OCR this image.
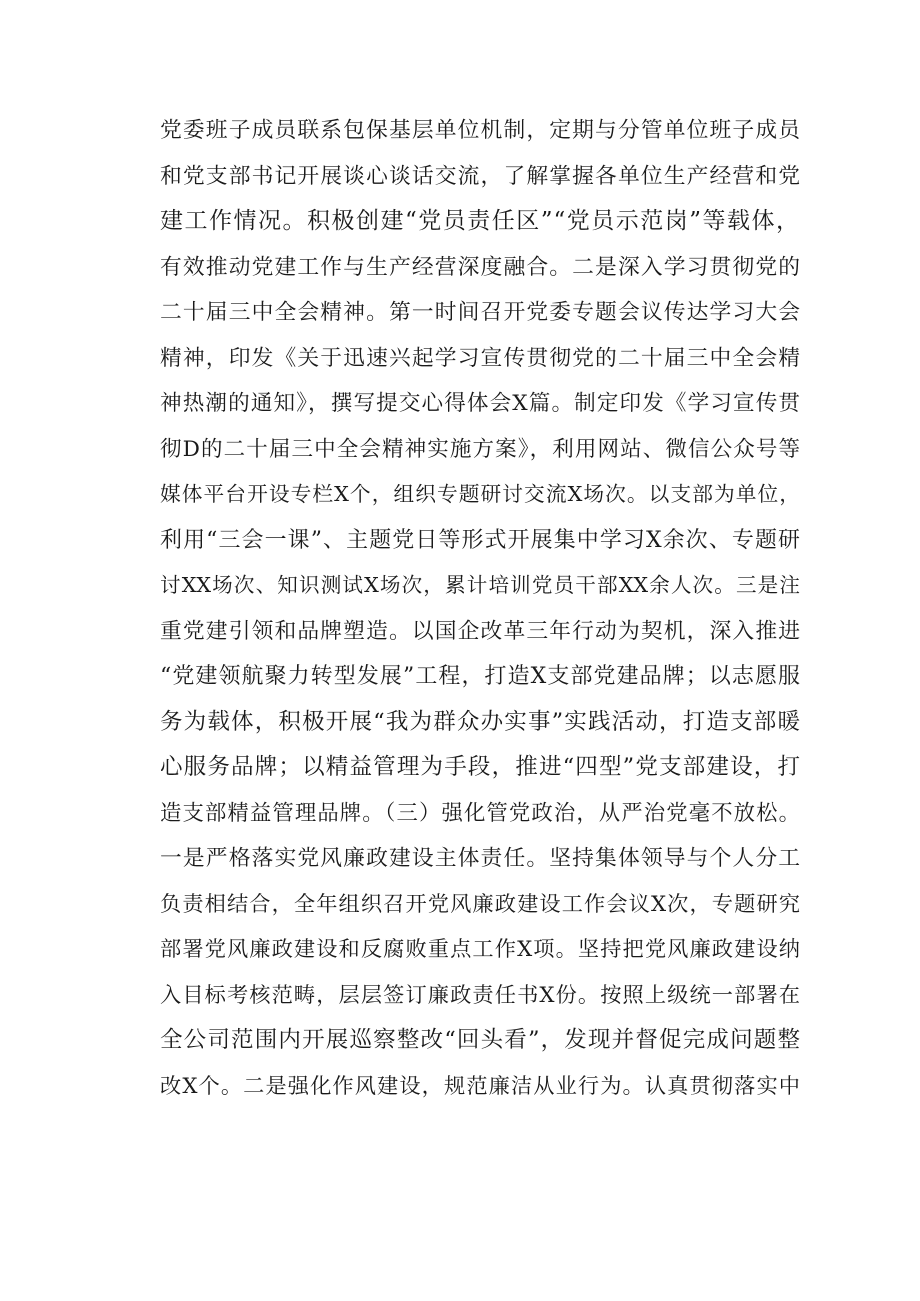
党委班子成员联系包保基层单位机制，定期与分管单位班子成员
和党支部书记开展谈心谈话交流，了解掌握各单位生产经营和党
建工作情况。积极创建“党员责任区”“党员示范岗”等载体，
有效推动党建工作与生产经营深度融合。二是深入学习贯彻党的
二十届三中全会精神。第一时间召开党委专题会议传达学习大会
精神，印发《关于迅速兴起学习宣传贯彻党的二十届三中全会精
神热潮的通知》，撰写提交心得体会X篇。制定印发《学习宣传贯
彻D的二十届三中全会精神实施方案》，利用网站、微信公众号等
媒体平台开设专栏X个，组织专题研讨交流X场次。以支部为单位，
利用“三会一课”、主题党日等形式开展集中学习X余次、专题研
讨XX场次、知识测试X场次，累计培训党员干部XX余人次。三是注
重党建引领和品牌塑造。以国企改革三年行动为契机，深入推进
“党建领航聚力转型发展”工程，打造X支部党建品牌；以志愿服
务为载体，积极开展“我为群众办实事”实践活动，打造支部暖
心服务品牌；以精益管理为手段，推进“四型”党支部建设，打
造支部精益管理品牌。（三）强化管党政治，从严治党毫不放松。
一是严格落实党风廉政建设主体责任。坚持集体领导与个人分工
负责相结合，全年组织召开党风廉政建设工作会议X次，专题研究
部署党风廉政建设和反腐败重点工作X项。坚持把党风廉政建设纳
入目标考核范畴，层层签订廉政责任书X份。按照上级统一部署在
全公司范围内开展巡察整改“回头看”，发现并督促完成问题整
改X个。二是强化作风建设，规范廉洁从业行为。认真贯彻落实中
